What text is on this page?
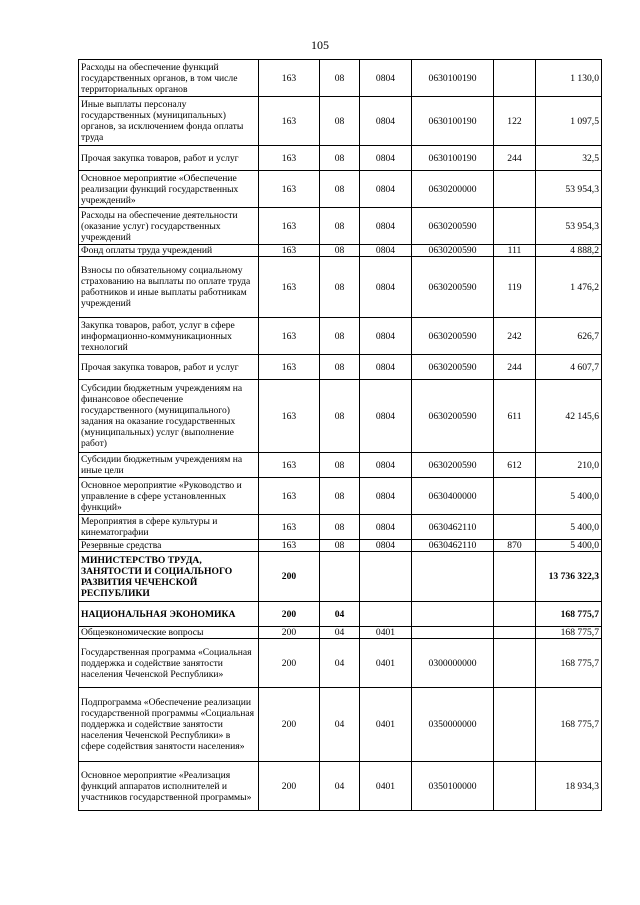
105
Расходы на обеспечение функций государственных органов, в том числе территориальных органов	163	08	0804	0630100190		1 130,0
Иные выплаты персоналу государственных (муниципальных) органов, за исключением фонда оплаты труда	163	08	0804	0630100190	122	1 097,5
Прочая закупка товаров, работ и услуг	163	08	0804	0630100190	244	32,5
Основное мероприятие «Обеспечение реализации функций государственных учреждений»	163	08	0804	0630200000		53 954,3
Расходы на обеспечение деятельности (оказание услуг) государственных учреждений	163	08	0804	0630200590		53 954,3
Фонд оплаты труда учреждений	163	08	0804	0630200590	111	4 888,2
Взносы по обязательному социальному страхованию на выплаты по оплате труда работников и иные выплаты работникам учреждений	163	08	0804	0630200590	119	1 476,2
Закупка товаров, работ, услуг в сфере информационно-коммуникационных технологий	163	08	0804	0630200590	242	626,7
Прочая закупка товаров, работ и услуг	163	08	0804	0630200590	244	4 607,7
Субсидии бюджетным учреждениям на финансовое обеспечение государственного (муниципального) задания на оказание государственных (муниципальных) услуг (выполнение работ)	163	08	0804	0630200590	611	42 145,6
Субсидии бюджетным учреждениям на иные цели	163	08	0804	0630200590	612	210,0
Основное мероприятие «Руководство и управление в сфере установленных функций»	163	08	0804	0630400000		5 400,0
Мероприятия в сфере культуры и кинематографии	163	08	0804	0630462110		5 400,0
Резервные средства	163	08	0804	0630462110	870	5 400,0
МИНИСТЕРСТВО ТРУДА, ЗАНЯТОСТИ И СОЦИАЛЬНОГО РАЗВИТИЯ ЧЕЧЕНСКОЙ РЕСПУБЛИКИ	200					13 736 322,3
НАЦИОНАЛЬНАЯ ЭКОНОМИКА	200	04				168 775,7
Общеэкономические вопросы	200	04	0401			168 775,7
Государственная программа «Социальная поддержка и содействие занятости населения Чеченской Республики»	200	04	0401	0300000000		168 775,7
Подпрограмма «Обеспечение реализации государственной программы «Социальная поддержка и содействие занятости населения Чеченской Республики» в сфере содействия занятости населения»	200	04	0401	0350000000		168 775,7
Основное мероприятие «Реализация функций аппаратов исполнителей и участников государственной программы»	200	04	0401	0350100000		18 934,3
